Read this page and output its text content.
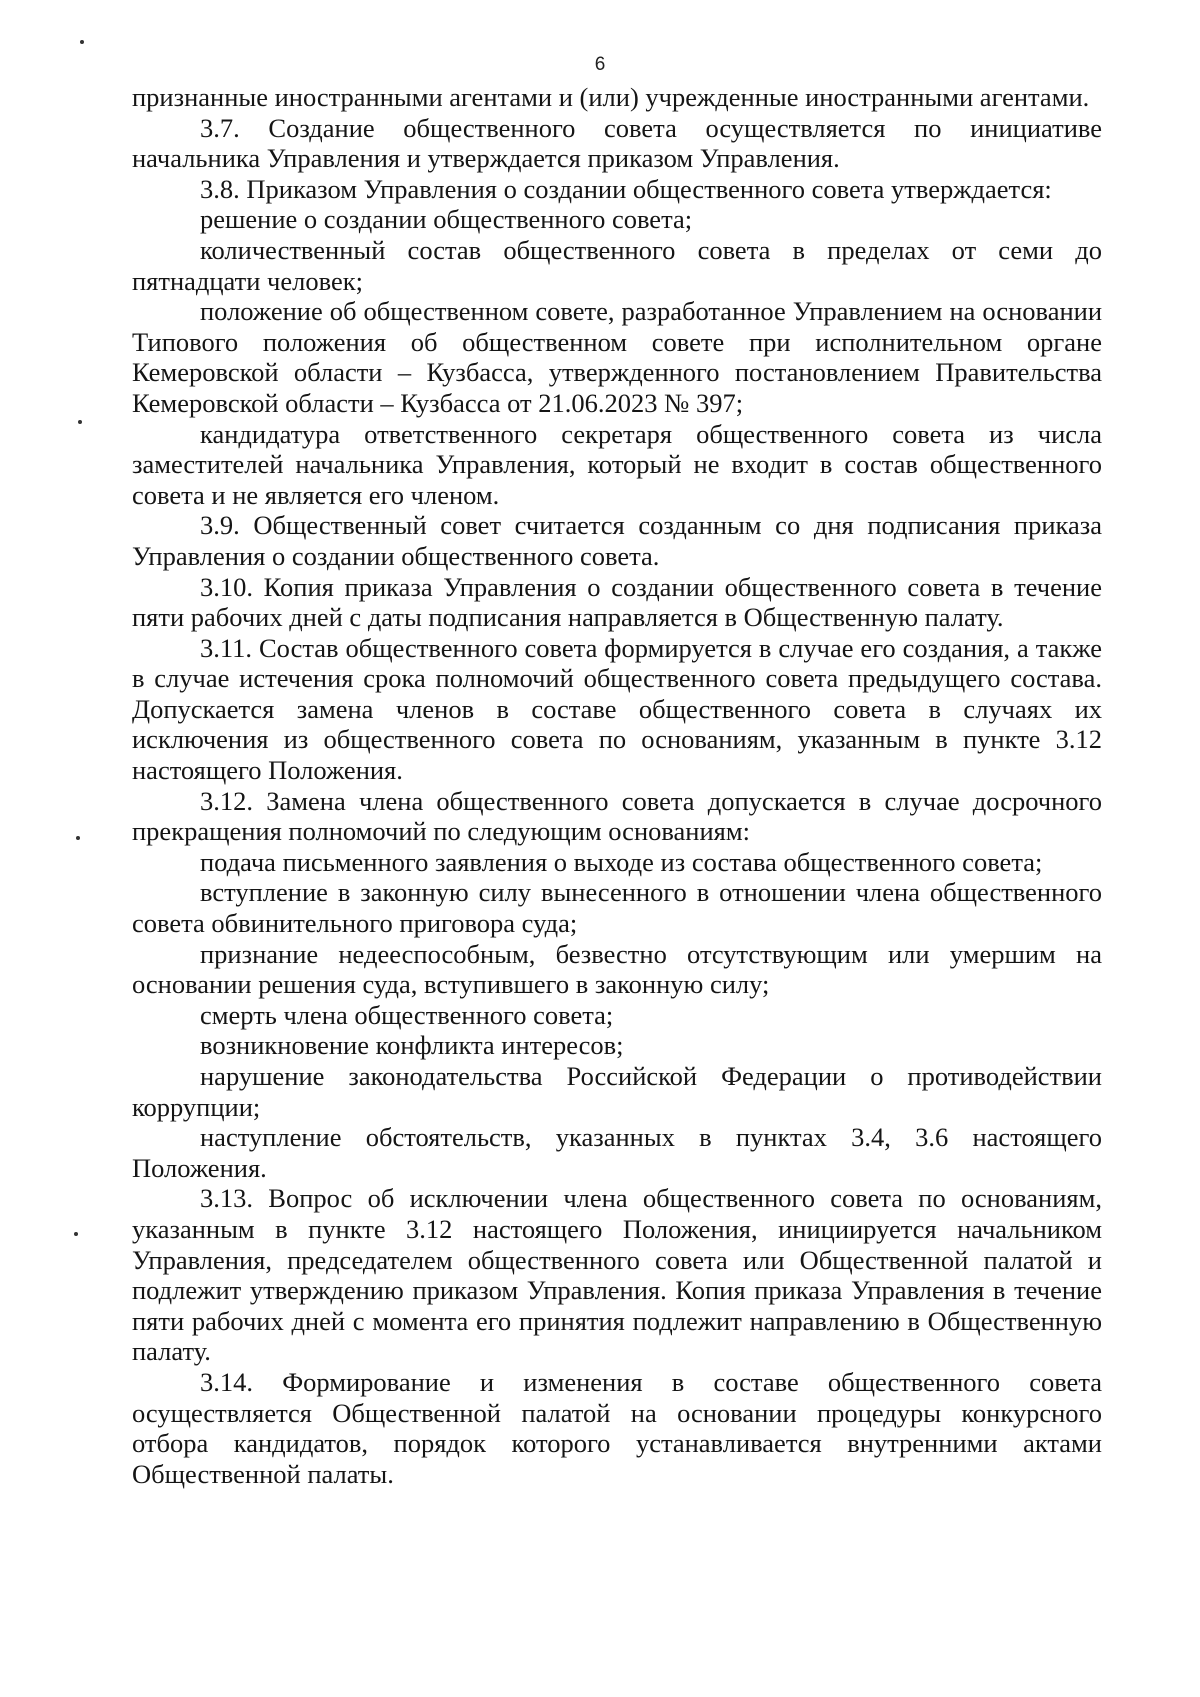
6

признанные иностранными агентами и (или) учрежденные иностранными агентами.

3.7. Создание общественного совета осуществляется по инициативе начальника Управления и утверждается приказом Управления.

3.8. Приказом Управления о создании общественного совета утверждается:

решение о создании общественного совета;

количественный состав общественного совета в пределах от семи до пятнадцати человек;

положение об общественном совете, разработанное Управлением на основании Типового положения об общественном совете при исполнительном органе Кемеровской области – Кузбасса, утвержденного постановлением Правительства Кемеровской области – Кузбасса от 21.06.2023 № 397;

кандидатура ответственного секретаря общественного совета из числа заместителей начальника Управления, который не входит в состав общественного совета и не является его членом.

3.9. Общественный совет считается созданным со дня подписания приказа Управления о создании общественного совета.

3.10. Копия приказа Управления о создании общественного совета в течение пяти рабочих дней с даты подписания направляется в Общественную палату.

3.11. Состав общественного совета формируется в случае его создания, а также в случае истечения срока полномочий общественного совета предыдущего состава. Допускается замена членов в составе общественного совета в случаях их исключения из общественного совета по основаниям, указанным в пункте 3.12 настоящего Положения.

3.12. Замена члена общественного совета допускается в случае досрочного прекращения полномочий по следующим основаниям:

подача письменного заявления о выходе из состава общественного совета;

вступление в законную силу вынесенного в отношении члена общественного совета обвинительного приговора суда;

признание недееспособным, безвестно отсутствующим или умершим на основании решения суда, вступившего в законную силу;

смерть члена общественного совета;

возникновение конфликта интересов;

нарушение законодательства Российской Федерации о противодействии коррупции;

наступление обстоятельств, указанных в пунктах 3.4, 3.6 настоящего Положения.

3.13. Вопрос об исключении члена общественного совета по основаниям, указанным в пункте 3.12 настоящего Положения, инициируется начальником Управления, председателем общественного совета или Общественной палатой и подлежит утверждению приказом Управления. Копия приказа Управления в течение пяти рабочих дней с момента его принятия подлежит направлению в Общественную палату.

3.14. Формирование и изменения в составе общественного совета осуществляется Общественной палатой на основании процедуры конкурсного отбора кандидатов, порядок которого устанавливается внутренними актами Общественной палаты.
